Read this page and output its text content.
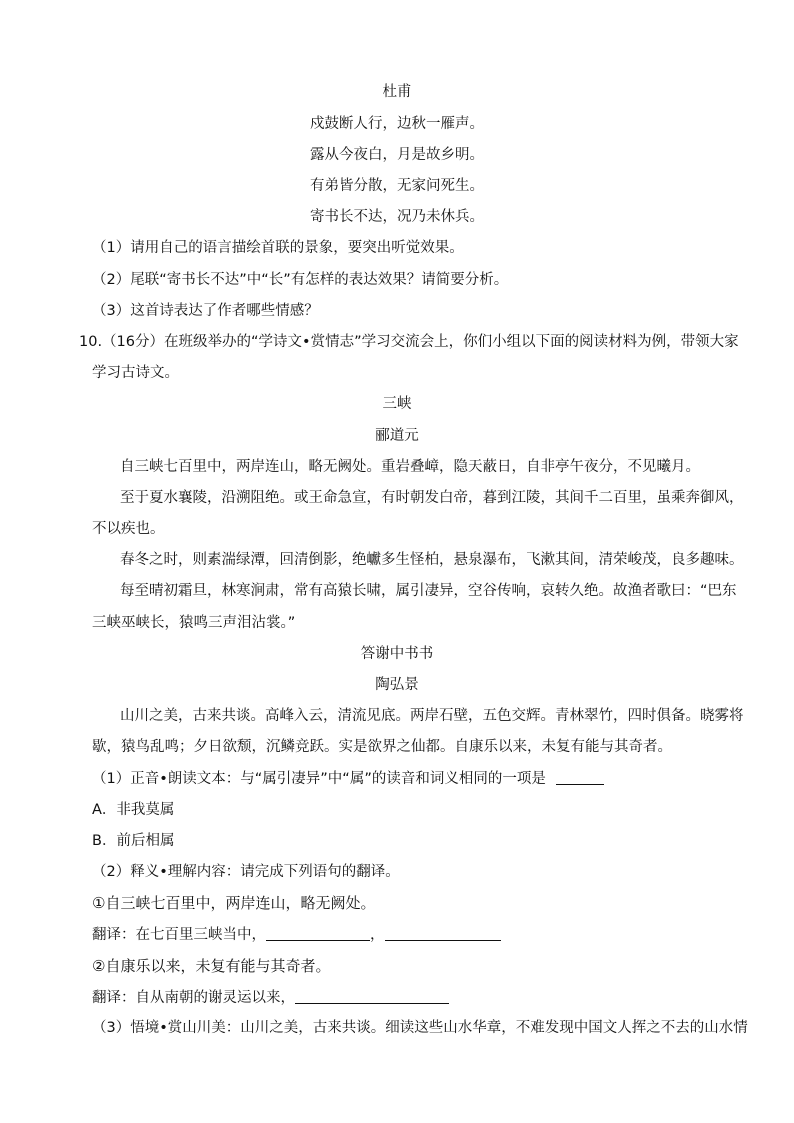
杜甫
戍鼓断人行，边秋一雁声。
露从今夜白，月是故乡明。
有弟皆分散，无家问死生。
寄书长不达，况乃未休兵。
（1）请用自己的语言描绘首联的景象，要突出听觉效果。
（2）尾联“寄书长不达”中“长”有怎样的表达效果？请简要分析。
（3）这首诗表达了作者哪些情感？
10.（16分）在班级举办的“学诗文•赏情志”学习交流会上，你们小组以下面的阅读材料为例，带领大家
学习古诗文。
三峡
郦道元
自三峡七百里中，两岸连山，略无阙处。重岩叠嶂，隐天蔽日，自非亭午夜分，不见曦月。
至于夏水襄陵，沿溯阻绝。或王命急宣，有时朝发白帝，暮到江陵，其间千二百里，虽乘奔御风，
不以疾也。
春冬之时，则素湍绿潭，回清倒影，绝巘多生怪柏，悬泉瀑布，飞漱其间，清荣峻茂，良多趣味。
每至晴初霜旦，林寒涧肃，常有高猿长啸，属引凄异，空谷传响，哀转久绝。故渔者歌曰：“巴东
三峡巫峡长，猿鸣三声泪沾裳。”
答谢中书书
陶弘景
山川之美，古来共谈。高峰入云，清流见底。两岸石壁，五色交辉。青林翠竹，四时俱备。晓雾将
歇，猿鸟乱鸣；夕日欲颓，沉鳞竞跃。实是欲界之仙都。自康乐以来，未复有能与其奇者。
（1）正音•朗读文本：与“属引凄异”中“属”的读音和词义相同的一项是
A．非我莫属
B．前后相属
（2）释义•理解内容：请完成下列语句的翻译。
①自三峡七百里中，两岸连山，略无阙处。
翻译：在七百里三峡当中，	，
②自康乐以来，未复有能与其奇者。
翻译：自从南朝的谢灵运以来，
（3）悟境•赏山川美：山川之美，古来共谈。细读这些山水华章，不难发现中国文人挥之不去的山水情
